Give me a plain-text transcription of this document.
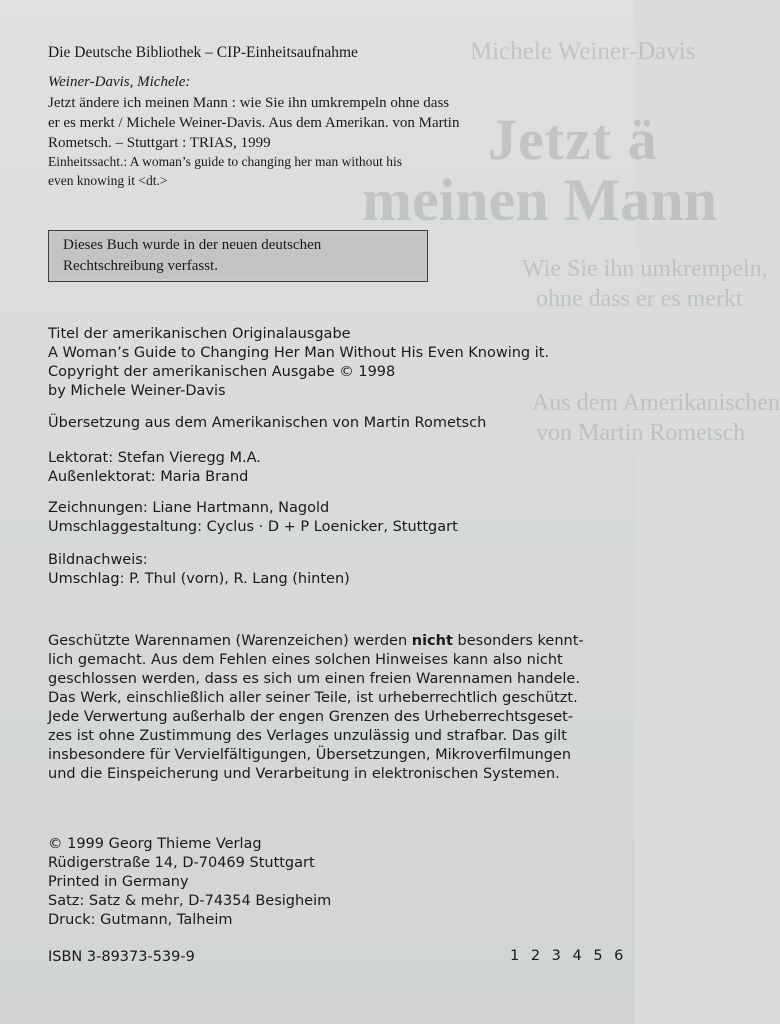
Michele Weiner-Davis
Jetzt ä
meinen Mann
Wie Sie ihn umkrempeln,
ohne dass er es merkt
Aus dem Amerikanischen
von Martin Rometsch
Die Deutsche Bibliothek – CIP-Einheitsaufnahme
Weiner-Davis, Michele:
Jetzt ändere ich meinen Mann : wie Sie ihn umkrempeln ohne dass
er es merkt / Michele Weiner-Davis. Aus dem Amerikan. von Martin
Rometsch. – Stuttgart : TRIAS, 1999
Einheitssacht.: A woman’s guide to changing her man without his
even knowing it <dt.>
Dieses Buch wurde in der neuen deutschen
Rechtschreibung verfasst.
Titel der amerikanischen Originalausgabe
A Woman’s Guide to Changing Her Man Without His Even Knowing it.
Copyright der amerikanischen Ausgabe © 1998
by Michele Weiner-Davis
Übersetzung aus dem Amerikanischen von Martin Rometsch
Lektorat: Stefan Vieregg M.A.
Außenlektorat: Maria Brand
Zeichnungen: Liane Hartmann, Nagold
Umschlaggestaltung: Cyclus · D + P Loenicker, Stuttgart
Bildnachweis:
Umschlag: P. Thul (vorn), R. Lang (hinten)
Geschützte Warennamen (Warenzeichen) werden nicht besonders kennt-
lich gemacht. Aus dem Fehlen eines solchen Hinweises kann also nicht
geschlossen werden, dass es sich um einen freien Warennamen handele.
Das Werk, einschließlich aller seiner Teile, ist urheberrechtlich geschützt.
Jede Verwertung außerhalb der engen Grenzen des Urheberrechtsgeset-
zes ist ohne Zustimmung des Verlages unzulässig und strafbar. Das gilt
insbesondere für Vervielfältigungen, Übersetzungen, Mikroverfilmungen
und die Einspeicherung und Verarbeitung in elektronischen Systemen.
© 1999 Georg Thieme Verlag
Rüdigerstraße 14, D-70469 Stuttgart
Printed in Germany
Satz: Satz & mehr, D-74354 Besigheim
Druck: Gutmann, Talheim
ISBN 3-89373-539-9	1 2 3 4 5 6
